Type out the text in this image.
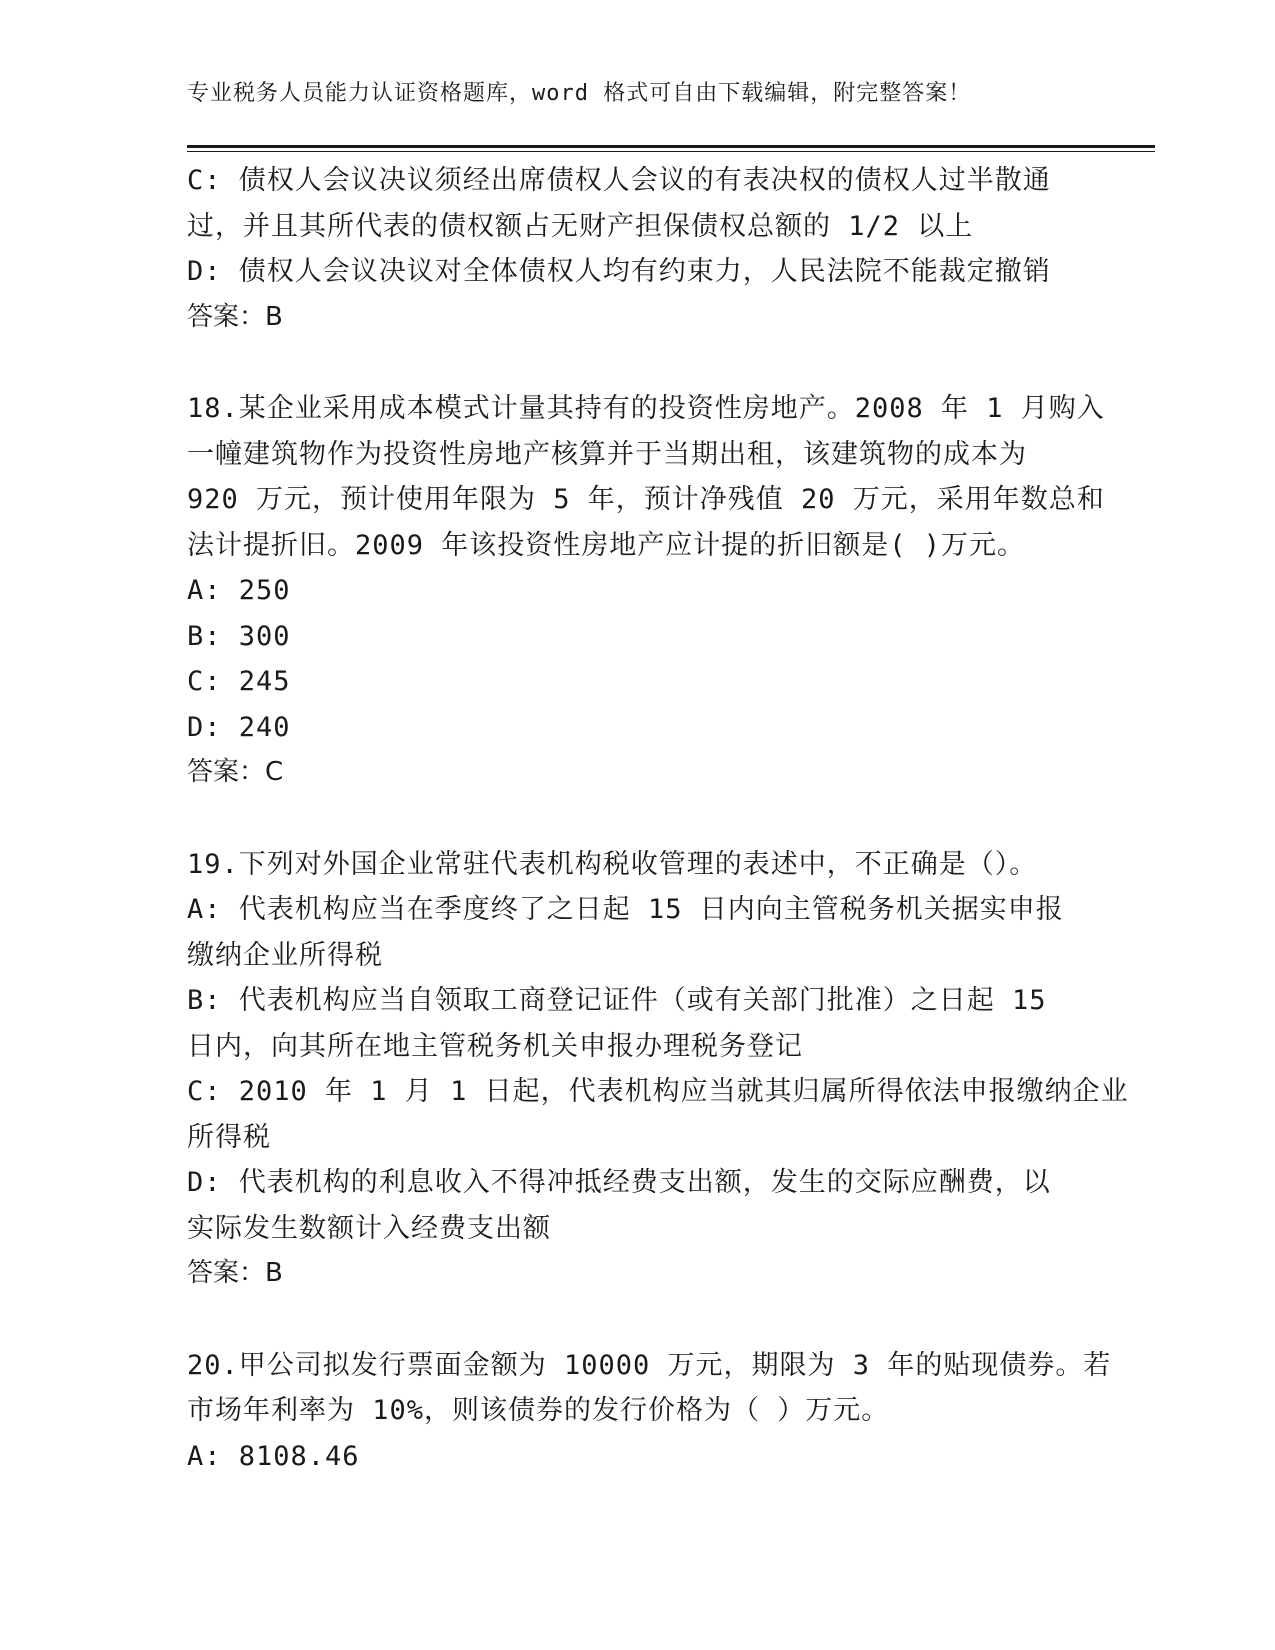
专业税务人员能力认证资格题库，word 格式可自由下载编辑，附完整答案！
C: 债权人会议决议须经出席债权人会议的有表决权的债权人过半散通
过，并且其所代表的债权额占无财产担保债权总额的 1/2 以上
D: 债权人会议决议对全体债权人均有约束力，人民法院不能裁定撤销
答案：B
18.某企业采用成本模式计量其持有的投资性房地产。2008 年 1 月购入
一幢建筑物作为投资性房地产核算并于当期出租，该建筑物的成本为
920 万元，预计使用年限为 5 年，预计净残值 20 万元，采用年数总和
法计提折旧。2009 年该投资性房地产应计提的折旧额是( )万元。
A: 250
B: 300
C: 245
D: 240
答案：C
19.下列对外国企业常驻代表机构税收管理的表述中，不正确是（）。
A: 代表机构应当在季度终了之日起 15 日内向主管税务机关据实申报
缴纳企业所得税
B: 代表机构应当自领取工商登记证件（或有关部门批准）之日起 15
日内，向其所在地主管税务机关申报办理税务登记
C: 2010 年 1 月 1 日起，代表机构应当就其归属所得依法申报缴纳企业
所得税
D: 代表机构的利息收入不得冲抵经费支出额，发生的交际应酬费，以
实际发生数额计入经费支出额
答案：B
20.甲公司拟发行票面金额为 10000 万元，期限为 3 年的贴现债券。若
市场年利率为 10%，则该债券的发行价格为（ ）万元。
A: 8108.46
